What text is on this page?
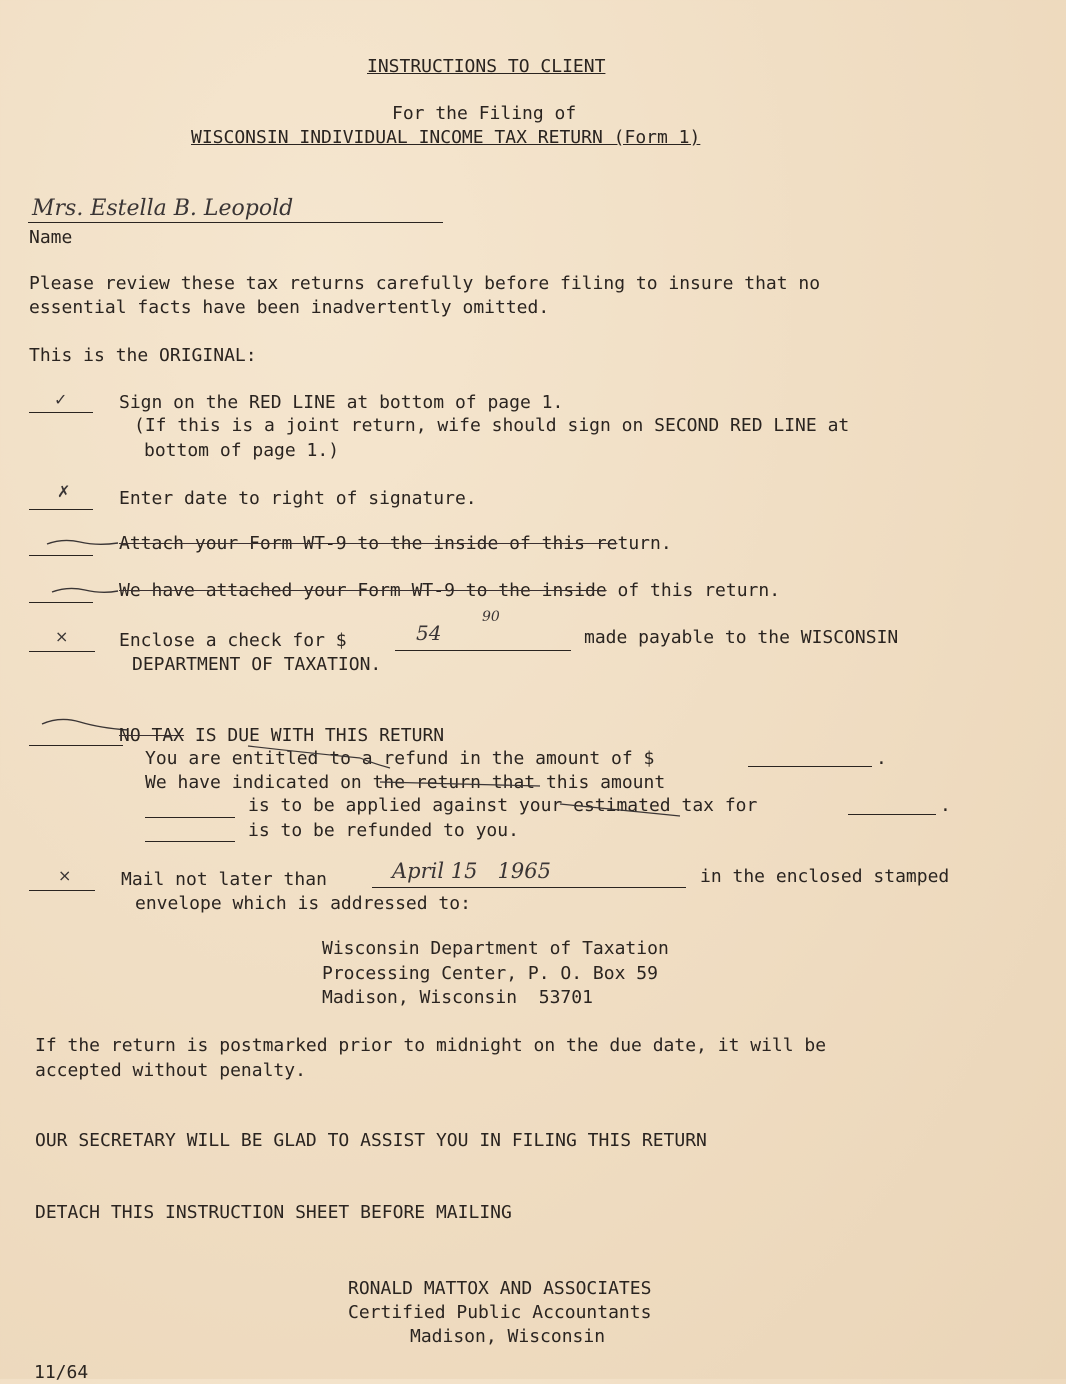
INSTRUCTIONS TO CLIENT
For the Filing of
WISCONSIN INDIVIDUAL INCOME TAX RETURN (Form 1)
Mrs. Estella B. Leopold
Name
Please review these tax returns carefully before filing to insure that no
essential facts have been inadvertently omitted.
This is the ORIGINAL:
✓	Sign on the RED LINE at bottom of page 1.
(If this is a joint return, wife should sign on SECOND RED LINE at
bottom of page 1.)
✗	Enter date to right of signature.
Attach your Form WT-9 to the inside of this return.
We have attached your Form WT-9 to the inside of this return.
×	Enclose a check for $	54
90
made payable to the WISCONSIN
DEPARTMENT OF TAXATION.
NO TAX IS DUE WITH THIS RETURN
You are entitled to a refund in the amount of $	.
We have indicated on the return that this amount
is to be applied against your estimated tax for	.
is to be refunded to you.
×	Mail not later than	April 15   1965	in the enclosed stamped
envelope which is addressed to:
Wisconsin Department of Taxation
Processing Center, P. O. Box 59
Madison, Wisconsin  53701
If the return is postmarked prior to midnight on the due date, it will be
accepted without penalty.
OUR SECRETARY WILL BE GLAD TO ASSIST YOU IN FILING THIS RETURN
DETACH THIS INSTRUCTION SHEET BEFORE MAILING
RONALD MATTOX AND ASSOCIATES
Certified Public Accountants
Madison, Wisconsin
11/64
